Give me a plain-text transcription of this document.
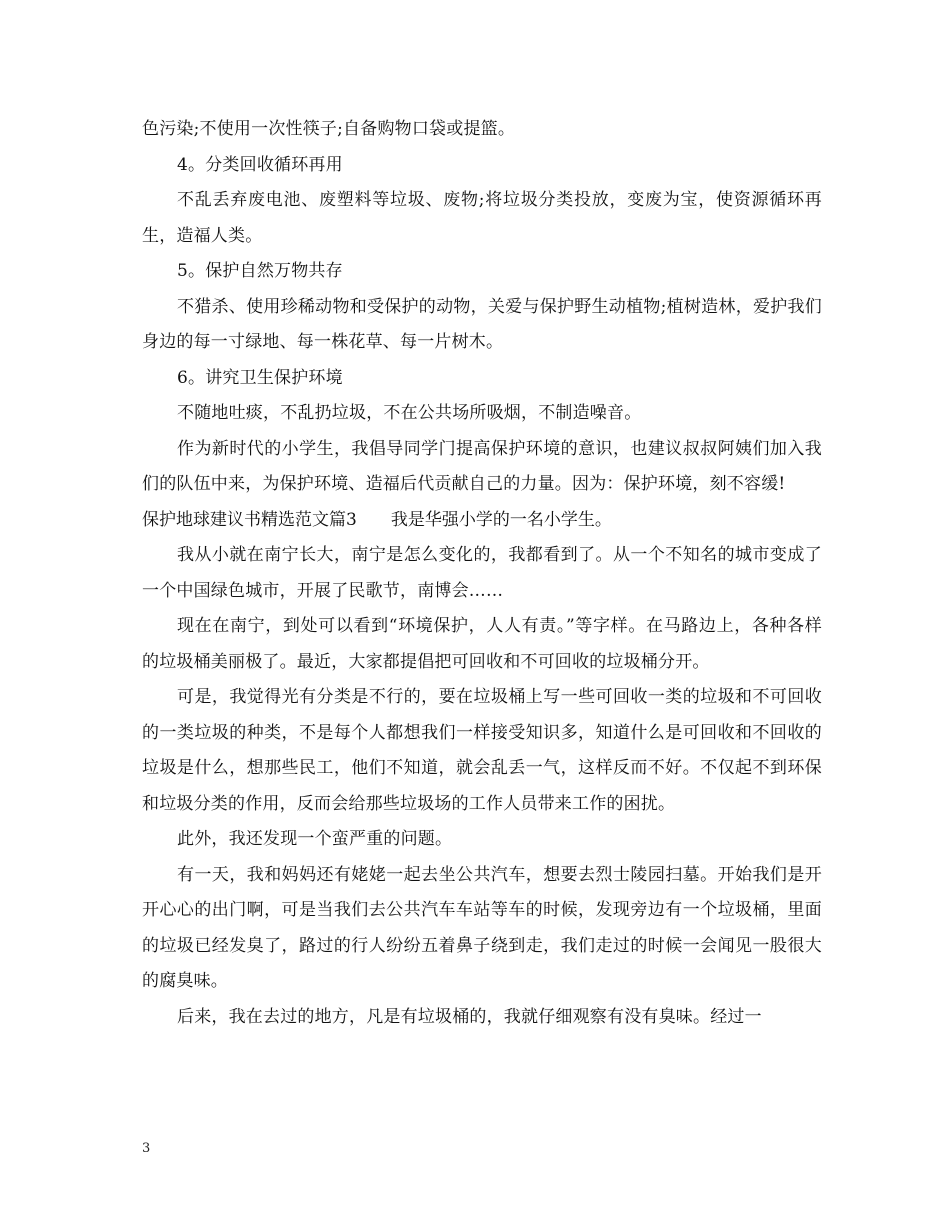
色污染;不使用一次性筷子;自备购物口袋或提篮。

4。分类回收循环再用

不乱丢弃废电池、废塑料等垃圾、废物;将垃圾分类投放，变废为宝，使资源循环再生，造福人类。

5。保护自然万物共存

不猎杀、使用珍稀动物和受保护的动物，关爱与保护野生动植物;植树造林，爱护我们身边的每一寸绿地、每一株花草、每一片树木。

6。讲究卫生保护环境

不随地吐痰，不乱扔垃圾，不在公共场所吸烟，不制造噪音。

作为新时代的小学生，我倡导同学门提高保护环境的意识，也建议叔叔阿姨们加入我们的队伍中来，为保护环境、造福后代贡献自己的力量。因为：保护环境，刻不容缓!

保护地球建议书精选范文篇3 我是华强小学的一名小学生。

我从小就在南宁长大，南宁是怎么变化的，我都看到了。从一个不知名的城市变成了一个中国绿色城市，开展了民歌节，南博会……

现在在南宁，到处可以看到“环境保护，人人有责。”等字样。在马路边上，各种各样的垃圾桶美丽极了。最近，大家都提倡把可回收和不可回收的垃圾桶分开。

可是，我觉得光有分类是不行的，要在垃圾桶上写一些可回收一类的垃圾和不可回收的一类垃圾的种类，不是每个人都想我们一样接受知识多，知道什么是可回收和不回收的垃圾是什么，想那些民工，他们不知道，就会乱丢一气，这样反而不好。不仅起不到环保和垃圾分类的作用，反而会给那些垃圾场的工作人员带来工作的困扰。

此外，我还发现一个蛮严重的问题。

有一天，我和妈妈还有姥姥一起去坐公共汽车，想要去烈士陵园扫墓。开始我们是开开心心的出门啊，可是当我们去公共汽车车站等车的时候，发现旁边有一个垃圾桶，里面的垃圾已经发臭了，路过的行人纷纷五着鼻子绕到走，我们走过的时候一会闻见一股很大的腐臭味。

后来，我在去过的地方，凡是有垃圾桶的，我就仔细观察有没有臭味。经过一

3
